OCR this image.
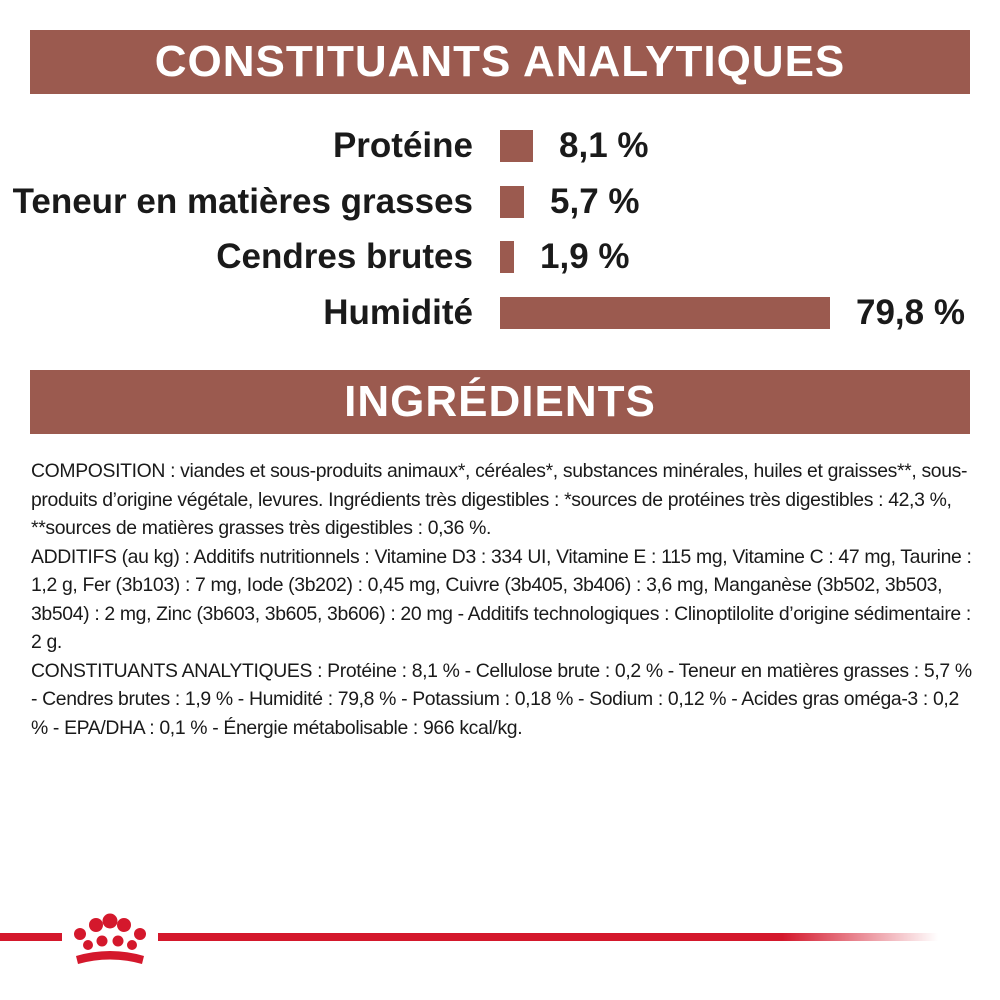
CONSTITUANTS ANALYTIQUES
Protéine 8,1 %
Teneur en matières grasses 5,7 %
Cendres brutes 1,9 %
Humidité	79,8 %
INGRÉDIENTS

COMPOSITION : viandes et sous-produits animaux*, céréales*, substances minérales, huiles et graisses**, sous-produits d’origine végétale, levures. Ingrédients très digestibles : *sources de protéines très digestibles : 42,3 %, **sources de matières grasses très digestibles : 0,36 %.

ADDITIFS (au kg) : Additifs nutritionnels : Vitamine D3 : 334 UI, Vitamine E : 115 mg, Vitamine C : 47 mg, Taurine : 1,2 g, Fer (3b103) : 7 mg, Iode (3b202) : 0,45 mg, Cuivre (3b405, 3b406) : 3,6 mg, Manganèse (3b502, 3b503, 3b504) : 2 mg, Zinc (3b603, 3b605, 3b606) : 20 mg - Additifs technologiques : Clinoptilolite d’origine sédimentaire : 2 g.

CONSTITUANTS ANALYTIQUES : Protéine : 8,1 % - Cellulose brute : 0,2 % - Teneur en matières grasses : 5,7 % - Cendres brutes : 1,9 % - Humidité : 79,8 % - Potassium : 0,18 % - Sodium : 0,12 % - Acides gras oméga-3 : 0,2 % - EPA/DHA : 0,1 % - Énergie métabolisable : 966 kcal/kg.
